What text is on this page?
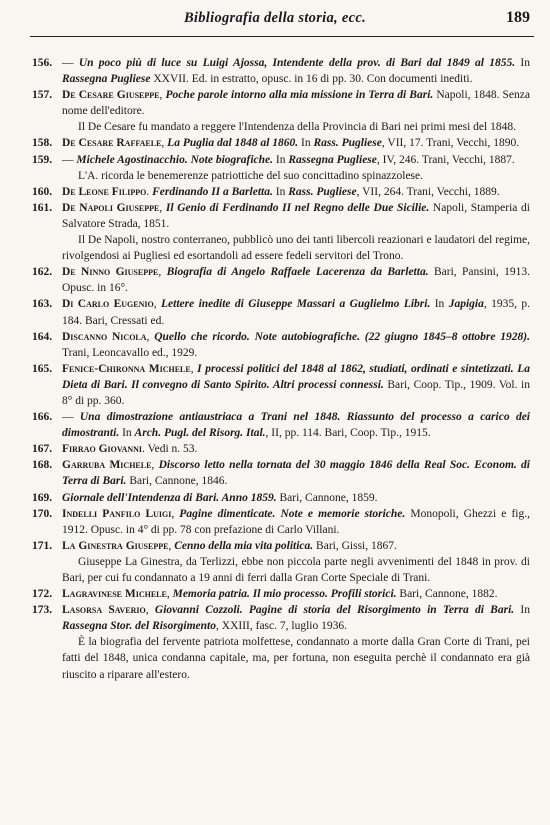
Bibliografia della storia, ecc.	189
156. — Un poco più di luce su Luigi Ajossa, Intendente della prov. di Bari dal 1849 al 1855. In Rassegna Pugliese XXVII. Ed. in estratto, opusc. in 16 di pp. 30. Con documenti inediti.
157. De Cesare Giuseppe, Poche parole intorno alla mia missione in Terra di Bari. Napoli, 1848. Senza nome dell'editore.
Il De Cesare fu mandato a reggere l'Intendenza della Provincia di Bari nei primi mesi del 1848.
158. De Cesare Raffaele, La Puglia dal 1848 al 1860. In Rass. Pugliese, VII, 17. Trani, Vecchi, 1890.
159. — Michele Agostinacchio. Note biografiche. In Rassegna Pugliese, IV, 246. Trani, Vecchi, 1887.
L'A. ricorda le benemerenze patriottiche del suo concittadino spinazzolese.
160. De Leone Filippo. Ferdinando II a Barletta. In Rass. Pugliese, VII, 264. Trani, Vecchi, 1889.
161. De Napoli Giuseppe, Il Genio di Ferdinando II nel Regno delle Due Sicilie. Napoli, Stamperia di Salvatore Strada, 1851.
Il De Napoli, nostro conterraneo, pubblicò uno dei tanti libercoli reazionari e laudatori del regime, rivolgendosi ai Pugliesi ed esortandoli ad essere fedeli servitori del Trono.
162. De Ninno Giuseppe, Biografia di Angelo Raffaele Lacerenza da Barletta. Bari, Pansini, 1913. Opusc. in 16°.
163. Di Carlo Eugenio, Lettere inedite di Giuseppe Massari a Guglielmo Libri. In Japigia, 1935, p. 184. Bari, Cressati ed.
164. Discanno Nicola, Quello che ricordo. Note autobiografiche. (22 giugno 1845–8 ottobre 1928). Trani, Leoncavallo ed., 1929.
165. Fenice-Chironna Michele, I processi politici del 1848 al 1862, studiati, ordinati e sintetizzati. La Dieta di Bari. Il convegno di Santo Spirito. Altri processi connessi. Bari, Coop. Tip., 1909. Vol. in 8° di pp. 360.
166. — Una dimostrazione antiaustriaca a Trani nel 1848. Riassunto del processo a carico dei dimostranti. In Arch. Pugl. del Risorg. Ital., II, pp. 114. Bari, Coop. Tip., 1915.
167. Firrao Giovanni. Vedi n. 53.
168. Garruba Michele, Discorso letto nella tornata del 30 maggio 1846 della Real Soc. Econom. di Terra di Bari. Bari, Cannone, 1846.
169. Giornale dell'Intendenza di Bari. Anno 1859. Bari, Cannone, 1859.
170. Indelli Panfilo Luigi, Pagine dimenticate. Note e memorie storiche. Monopoli, Ghezzi e fig., 1912. Opusc. in 4° di pp. 78 con prefazione di Carlo Villani.
171. La Ginestra Giuseppe, Cenno della mia vita politica. Bari, Gissi, 1867.
Giuseppe La Ginestra, da Terlizzi, ebbe non piccola parte negli avvenimenti del 1848 in prov. di Bari, per cui fu condannato a 19 anni di ferri dalla Gran Corte Speciale di Trani.
172. Lagravinese Michele, Memoria patria. Il mio processo. Profili storici. Bari, Cannone, 1882.
173. Lasorsa Saverio, Giovanni Cozzoli. Pagine di storia del Risorgimento in Terra di Bari. In Rassegna Stor. del Risorgimento, XXIII, fasc. 7, luglio 1936.
È la biografia del fervente patriota molfettese, condannato a morte dalla Gran Corte di Trani, pei fatti del 1848, unica condanna capitale, ma, per fortuna, non eseguita perchè il condannato era già riuscito a riparare all'estero.
